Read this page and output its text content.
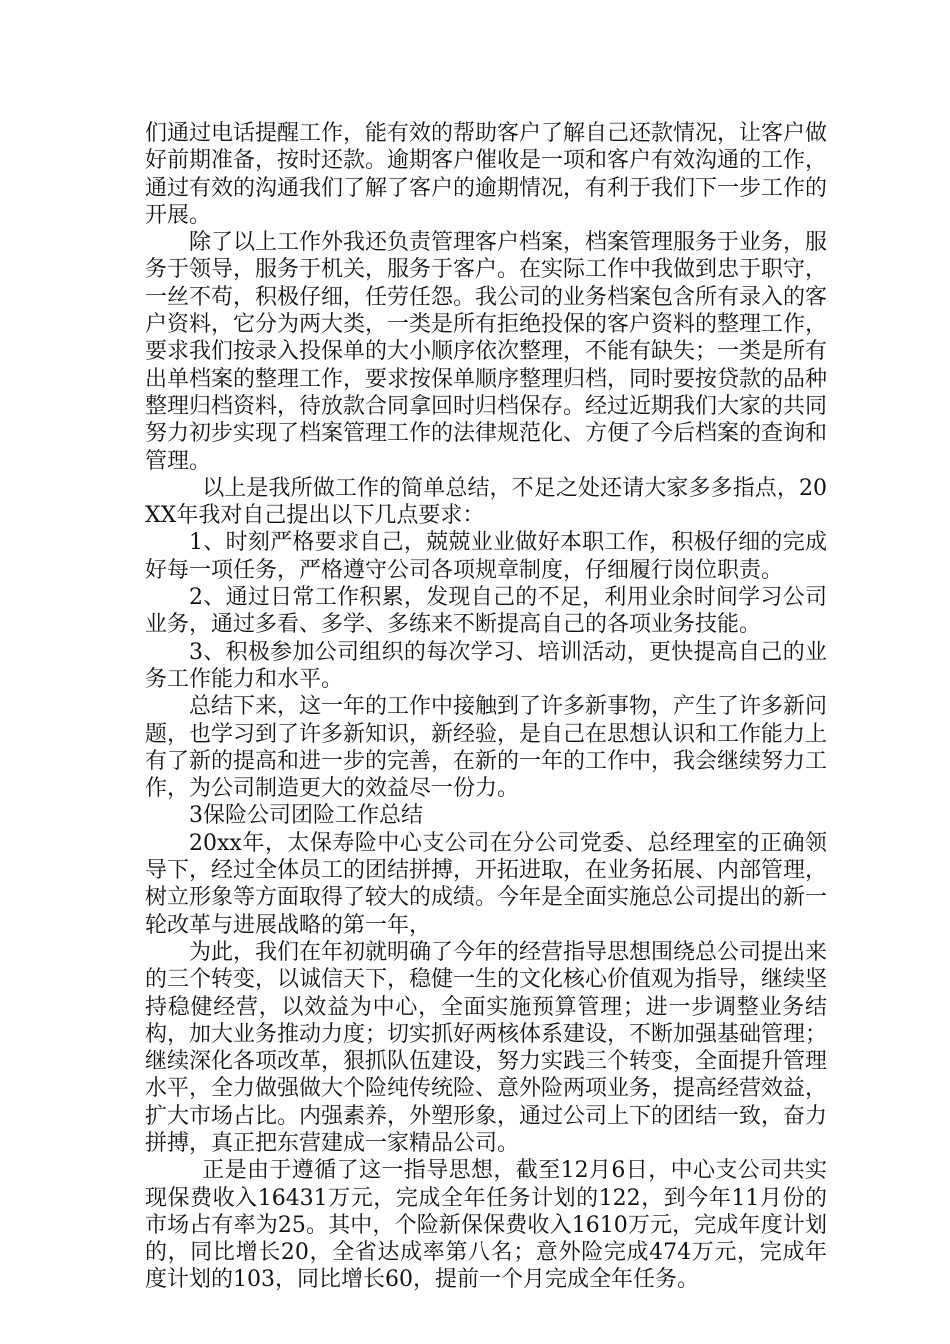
们通过电话提醒工作，能有效的帮助客户了解自己还款情况，让客户做好前期准备，按时还款。逾期客户催收是一项和客户有效沟通的工作，通过有效的沟通我们了解了客户的逾期情况，有利于我们下一步工作的开展。

除了以上工作外我还负责管理客户档案，档案管理服务于业务，服务于领导，服务于机关，服务于客户。在实际工作中我做到忠于职守，一丝不苟，积极仔细，任劳任怨。我公司的业务档案包含所有录入的客户资料，它分为两大类，一类是所有拒绝投保的客户资料的整理工作，要求我们按录入投保单的大小顺序依次整理，不能有缺失；一类是所有出单档案的整理工作，要求按保单顺序整理归档，同时要按贷款的品种整理归档资料，待放款合同拿回时归档保存。经过近期我们大家的共同努力初步实现了档案管理工作的法律规范化、方便了今后档案的查询和管理。

以上是我所做工作的简单总结，不足之处还请大家多多指点，20XX年我对自己提出以下几点要求：

1、时刻严格要求自己，兢兢业业做好本职工作，积极仔细的完成好每一项任务，严格遵守公司各项规章制度，仔细履行岗位职责。

2、通过日常工作积累，发现自己的不足，利用业余时间学习公司业务，通过多看、多学、多练来不断提高自己的各项业务技能。

3、积极参加公司组织的每次学习、培训活动，更快提高自己的业务工作能力和水平。

总结下来，这一年的工作中接触到了许多新事物，产生了许多新问题，也学习到了许多新知识，新经验，是自己在思想认识和工作能力上有了新的提高和进一步的完善，在新的一年的工作中，我会继续努力工作，为公司制造更大的效益尽一份力。

3保险公司团险工作总结

20xx年，太保寿险中心支公司在分公司党委、总经理室的正确领导下，经过全体员工的团结拼搏，开拓进取，在业务拓展、内部管理，树立形象等方面取得了较大的成绩。今年是全面实施总公司提出的新一轮改革与进展战略的第一年，

为此，我们在年初就明确了今年的经营指导思想围绕总公司提出来的三个转变，以诚信天下，稳健一生的文化核心价值观为指导，继续坚持稳健经营，以效益为中心，全面实施预算管理；进一步调整业务结构，加大业务推动力度；切实抓好两核体系建设，不断加强基础管理；继续深化各项改革，狠抓队伍建设，努力实践三个转变，全面提升管理水平，全力做强做大个险纯传统险、意外险两项业务，提高经营效益，扩大市场占比。内强素养，外塑形象，通过公司上下的团结一致，奋力拼搏，真正把东营建成一家精品公司。

正是由于遵循了这一指导思想，截至12月6日，中心支公司共实现保费收入16431万元，完成全年任务计划的122，到今年11月份的市场占有率为25。其中，个险新保保费收入1610万元，完成年度计划的，同比增长20，全省达成率第八名；意外险完成474万元，完成年度计划的103，同比增长60，提前一个月完成全年任务。
